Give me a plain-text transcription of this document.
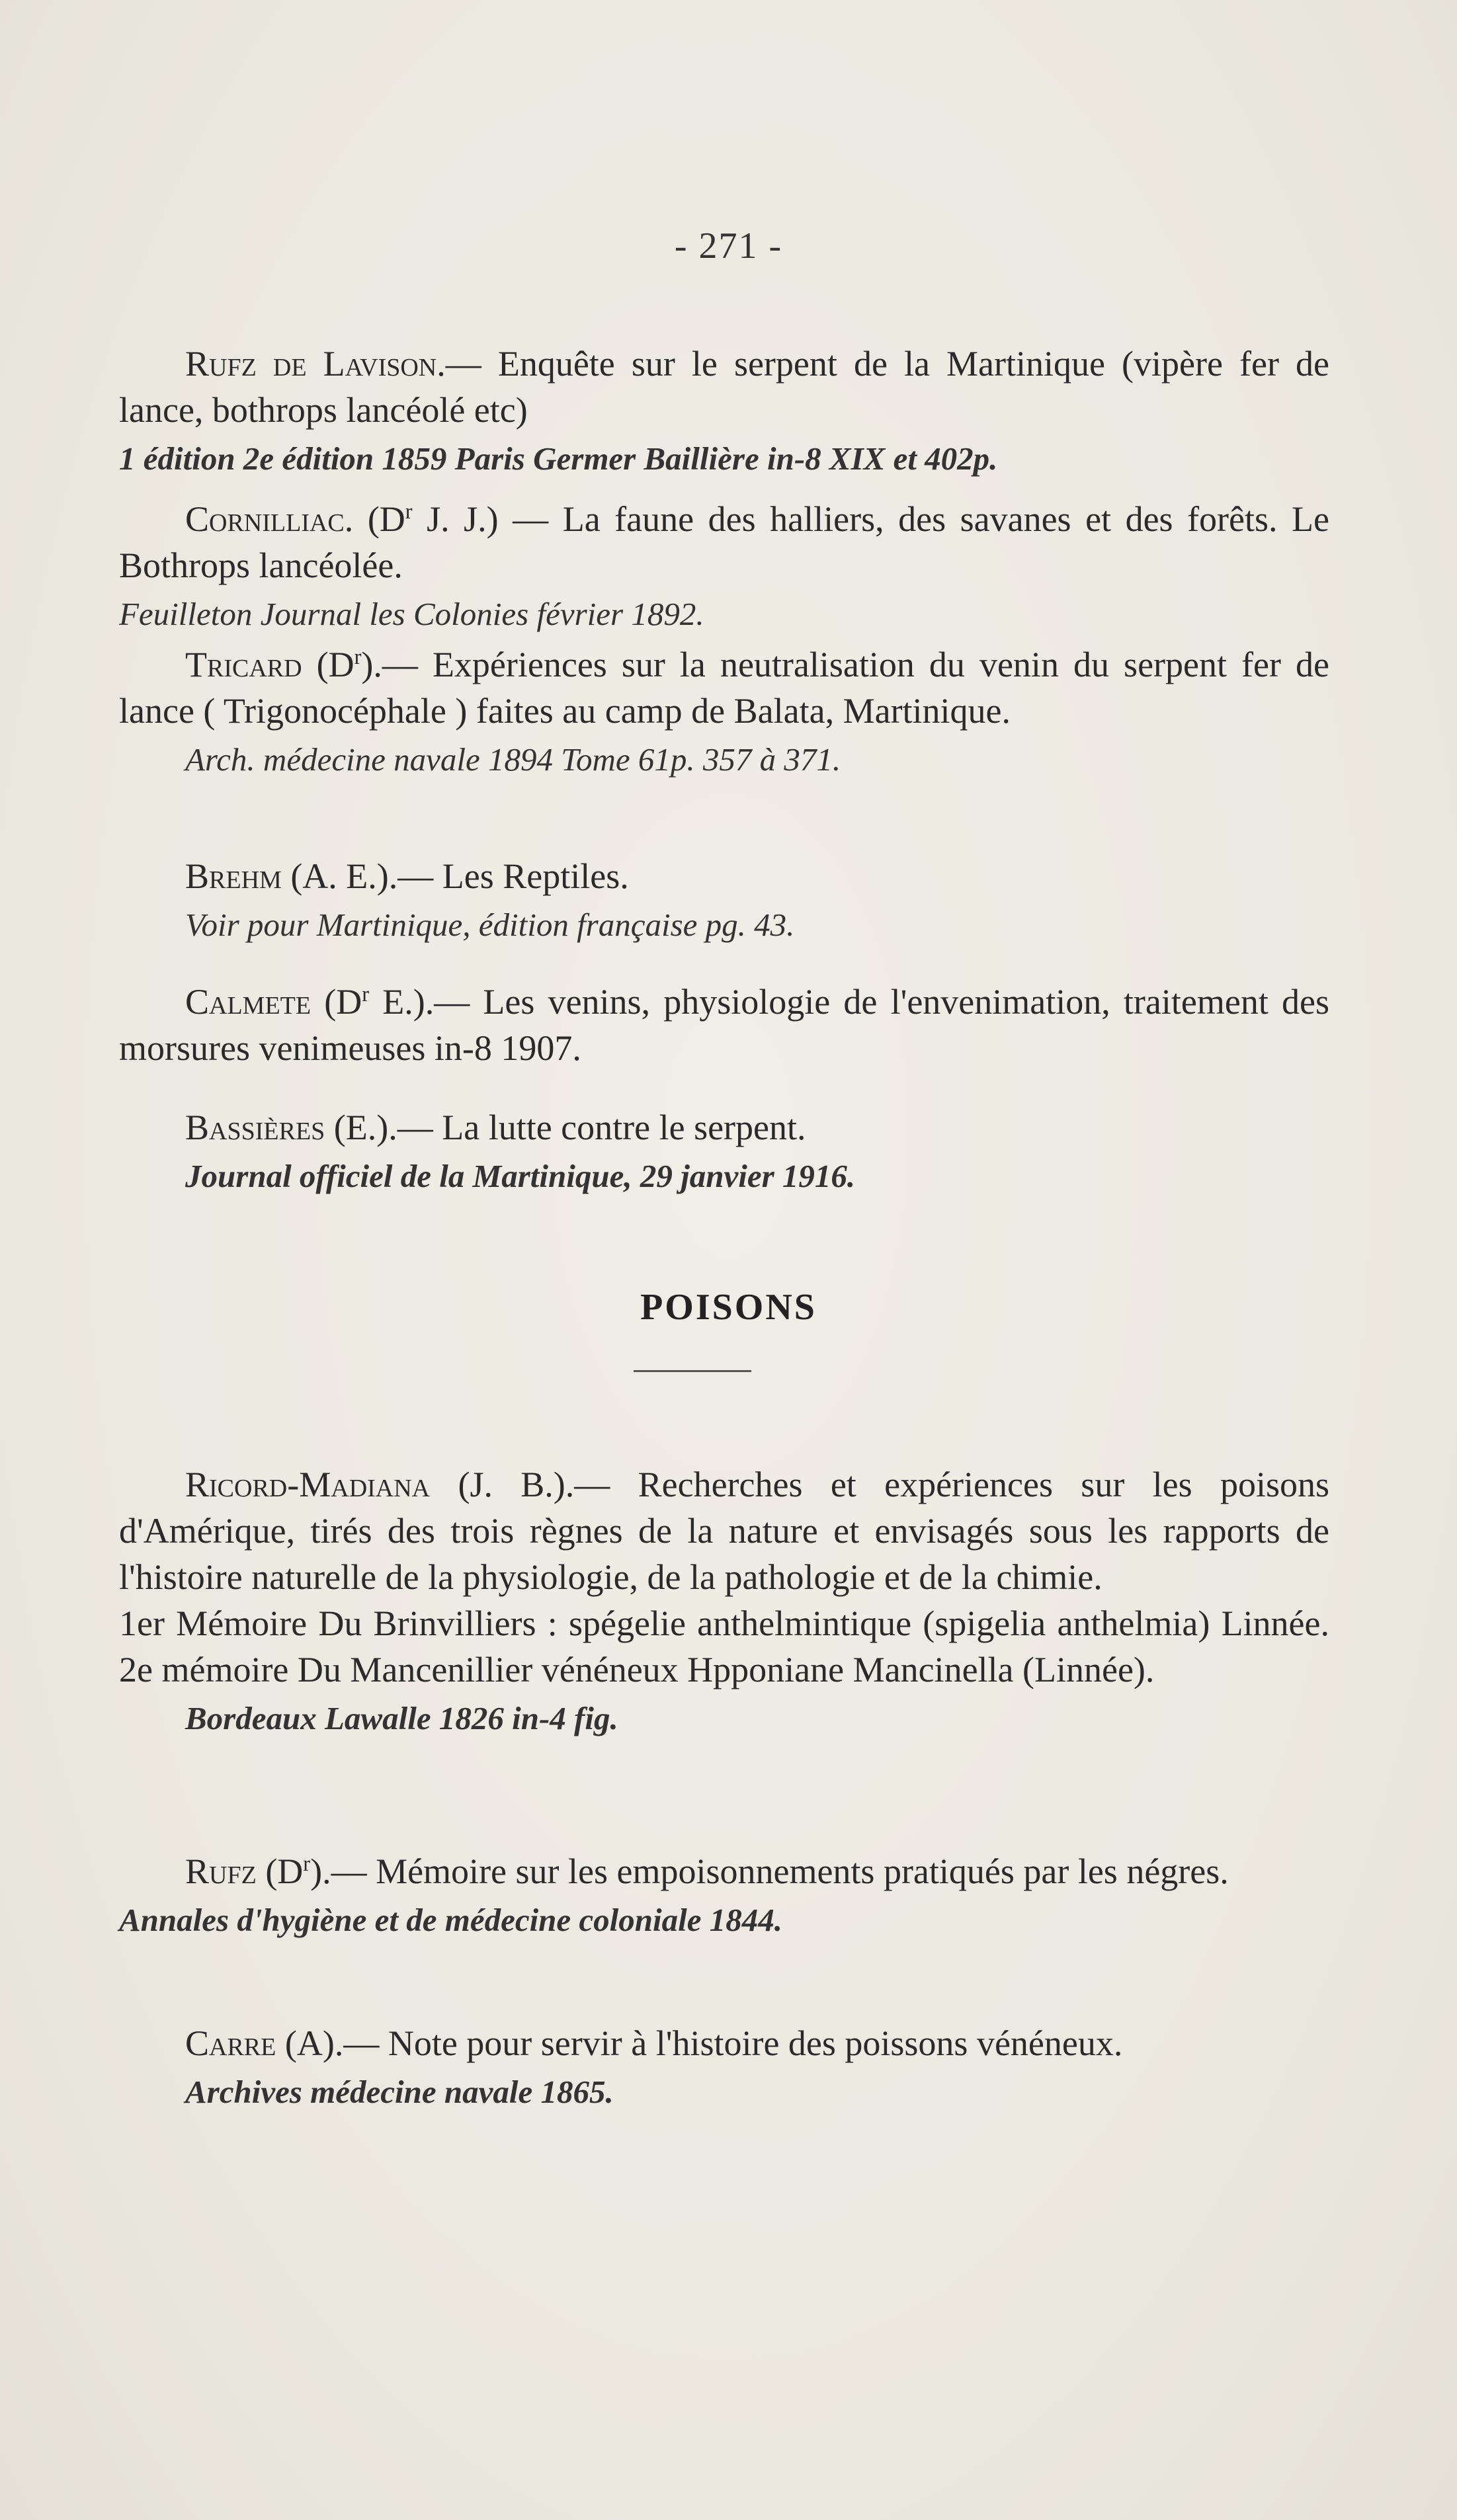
- 271 -

Rufz de Lavison.— Enquête sur le serpent de la Martinique (vipère fer de lance, bothrops lancéolé etc)

1 édition 2e édition 1859 Paris Germer Baillière in-8 XIX et 402p.

Cornilliac. ($D^r$ J. J.) — La faune des halliers, des savanes et des forêts. Le Bothrops lancéolée.

Feuilleton Journal les Colonies février 1892.

Tricard $(D^r).—$ Expériences sur la neutralisation du venin du serpent fer de lance ( Trigonocéphale ) faites au camp de Balata, Martinique.

Arch. médecine navale 1894 Tome 61p. 357 à 371.

Brehm (A. E.).— Les Reptiles.

Voir pour Martinique, édition française pg. 43.

Calmete ($D^r$ E.).— Les venins, physiologie de l'envenimation, traitement des morsures venimeuses in-8 1907.

Bassières (E.).— La lutte contre le serpent.

Journal officiel de la Martinique, 29 janvier 1916.

POISONS

Ricord-Madiana (J. B.).— Recherches et expériences sur les poisons d'Amérique, tirés des trois règnes de la nature et envisagés sous les rapports de l'histoire naturelle de la physiologie, de la pathologie et de la chimie.

1er Mémoire Du Brinvilliers : spégelie anthelmintique (spigelia anthelmia) Linnée. 2e mémoire Du Mancenillier vénéneux Hpponiane Mancinella (Linnée).

Bordeaux Lawalle 1826 in-4 fig.

Rufz $(D^r).—$ Mémoire sur les empoisonnements pratiqués par les négres.

Annales d'hygiène et de médecine coloniale 1844.

Carre (A).— Note pour servir à l'histoire des poissons vénéneux.

Archives médecine navale 1865.
